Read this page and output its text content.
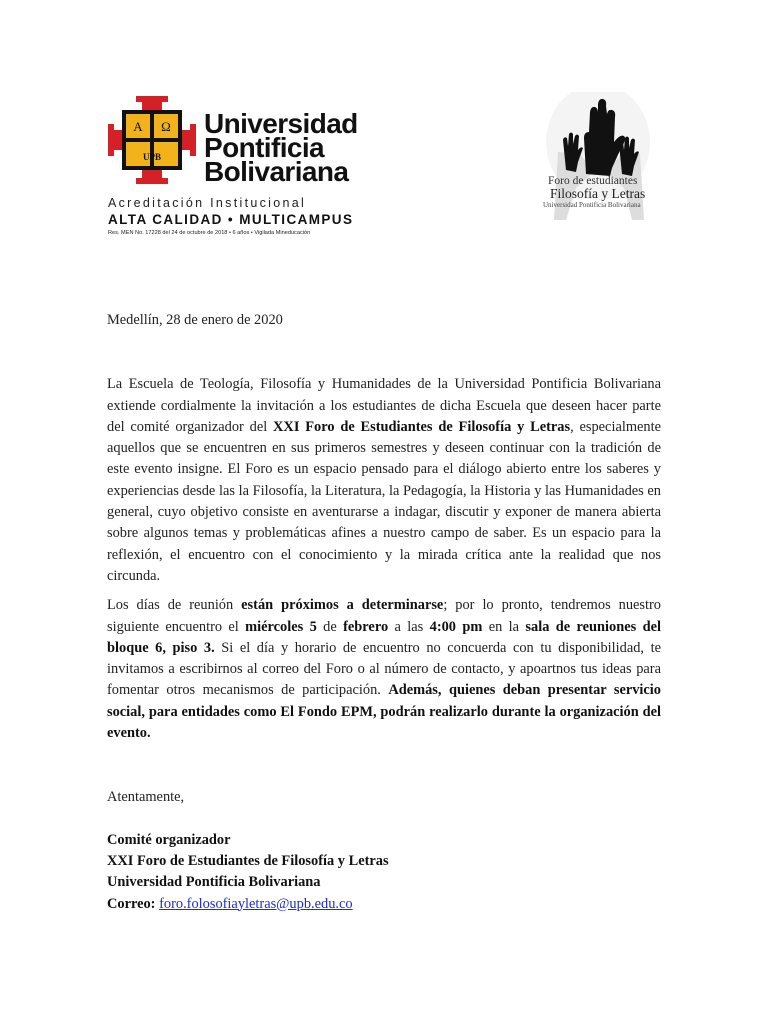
A Ω
UPB
Universidad
Pontificia
Bolivariana
Acreditación Institucional
ALTA CALIDAD • MULTICAMPUS
Res. MEN No. 17228 del 24 de octubre de 2018 • 6 años • Vigilada Mineducación
Foro de estudiantes
Filosofía y Letras
Universidad Pontificia Bolivariana

Medellín, 28 de enero de 2020

La Escuela de Teología, Filosofía y Humanidades de la Universidad Pontificia Bolivariana extiende cordialmente la invitación a los estudiantes de dicha Escuela que deseen hacer parte del comité organizador del XXI Foro de Estudiantes de Filosofía y Letras, especialmente aquellos que se encuentren en sus primeros semestres y deseen continuar con la tradición de este evento insigne. El Foro es un espacio pensado para el diálogo abierto entre los saberes y experiencias desde las la Filosofía, la Literatura, la Pedagogía, la Historia y las Humanidades en general, cuyo objetivo consiste en aventurarse a indagar, discutir y exponer de manera abierta sobre algunos temas y problemáticas afines a nuestro campo de saber. Es un espacio para la reflexión, el encuentro con el conocimiento y la mirada crítica ante la realidad que nos circunda.

Los días de reunión están próximos a determinarse; por lo pronto, tendremos nuestro siguiente encuentro el miércoles 5 de febrero a las 4:00 pm en la sala de reuniones del bloque 6, piso 3. Si el día y horario de encuentro no concuerda con tu disponibilidad, te invitamos a escribirnos al correo del Foro o al número de contacto, y apoartnos tus ideas para fomentar otros mecanismos de participación. Además, quienes deban presentar servicio social, para entidades como El Fondo EPM, podrán realizarlo durante la organización del evento.

Atentamente,

Comité organizador

XXI Foro de Estudiantes de Filosofía y Letras

Universidad Pontificia Bolivariana

Correo: foro.folosofiayletras@upb.edu.co
